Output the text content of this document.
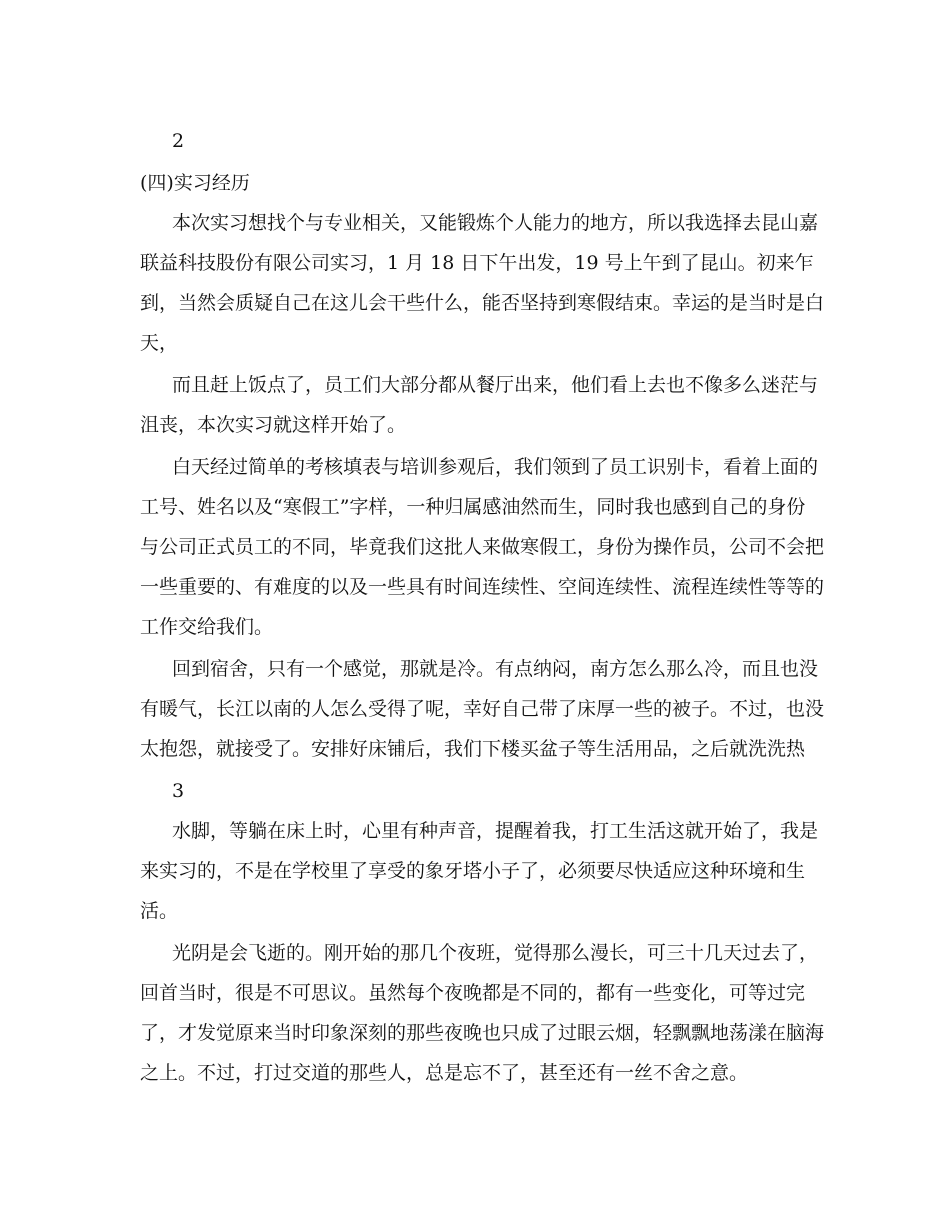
2

(四)实习经历

本次实习想找个与专业相关，又能锻炼个人能力的地方，所以我选择去昆山嘉

联益科技股份有限公司实习，1 月 18 日下午出发，19 号上午到了昆山。初来乍

到，当然会质疑自己在这儿会干些什么，能否坚持到寒假结束。幸运的是当时是白

天，

而且赶上饭点了，员工们大部分都从餐厅出来，他们看上去也不像多么迷茫与

沮丧，本次实习就这样开始了。

白天经过简单的考核填表与培训参观后，我们领到了员工识别卡，看着上面的

工号、姓名以及“寒假工”字样，一种归属感油然而生，同时我也感到自己的身份

与公司正式员工的不同，毕竟我们这批人来做寒假工，身份为操作员，公司不会把

一些重要的、有难度的以及一些具有时间连续性、空间连续性、流程连续性等等的

工作交给我们。

回到宿舍，只有一个感觉，那就是冷。有点纳闷，南方怎么那么冷，而且也没

有暖气，长江以南的人怎么受得了呢，幸好自己带了床厚一些的被子。不过，也没

太抱怨，就接受了。安排好床铺后，我们下楼买盆子等生活用品，之后就洗洗热

3

水脚，等躺在床上时，心里有种声音，提醒着我，打工生活这就开始了，我是

来实习的，不是在学校里了享受的象牙塔小子了，必须要尽快适应这种环境和生

活。

光阴是会飞逝的。刚开始的那几个夜班，觉得那么漫长，可三十几天过去了，

回首当时，很是不可思议。虽然每个夜晚都是不同的，都有一些变化，可等过完

了，才发觉原来当时印象深刻的那些夜晚也只成了过眼云烟，轻飘飘地荡漾在脑海

之上。不过，打过交道的那些人，总是忘不了，甚至还有一丝不舍之意。
